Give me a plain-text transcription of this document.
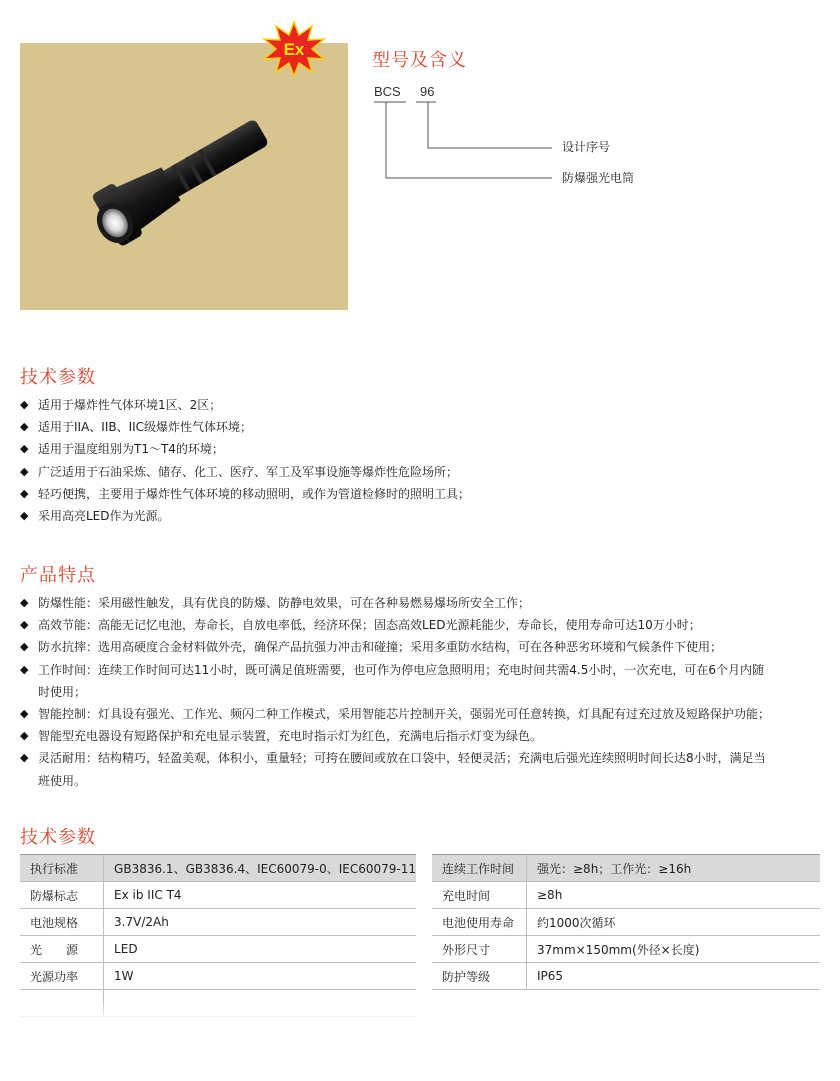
Ex
型号及含义
BCS 96
设计序号
防爆强光电筒
技术参数
◆ 适用于爆炸性气体环境1区、2区；
◆ 适用于IIA、IIB、IIC级爆炸性气体环境；
◆ 适用于温度组别为T1～T4的环境；
◆ 广泛适用于石油采炼、储存、化工、医疗、军工及军事设施等爆炸性危险场所；
◆ 轻巧便携，主要用于爆炸性气体环境的移动照明，或作为管道检修时的照明工具；
◆ 采用高亮LED作为光源。
产品特点
◆ 防爆性能：采用磁性触发，具有优良的防爆、防静电效果，可在各种易燃易爆场所安全工作；
◆ 高效节能：高能无记忆电池，寿命长，自放电率低，经济环保；固态高效LED光源耗能少，寿命长，使用寿命可达10万小时；
◆ 防水抗摔：选用高硬度合金材料做外壳，确保产品抗强力冲击和碰撞；采用多重防水结构，可在各种恶劣环境和气候条件下使用；
◆ 工作时间：连续工作时间可达11小时，既可满足值班需要，也可作为停电应急照明用；充电时间共需4.5小时，一次充电，可在6个月内随
时使用；
◆ 智能控制：灯具设有强光、工作光、频闪二种工作模式，采用智能芯片控制开关，强弱光可任意转换，灯具配有过充过放及短路保护功能；
◆ 智能型充电器设有短路保护和充电显示装置，充电时指示灯为红色，充满电后指示灯变为绿色。
◆ 灵活耐用：结构精巧，轻盈美观，体积小，重量轻；可挎在腰间或放在口袋中，轻便灵活；充满电后强光连续照明时间长达8小时，满足当
班使用。
技术参数
执行标准	GB3836.1、GB3836.4、IEC60079-0、IEC60079-11
防爆标志	Ex ib IIC T4
电池规格	3.7V/2Ah
光　　源	LED
光源功率	1W

连续工作时间	强光：≥8h；工作光：≥16h
充电时间	≥8h
电池使用寿命	约1000次循环
外形尺寸	37mm×150mm(外径×长度)
防护等级	IP65
